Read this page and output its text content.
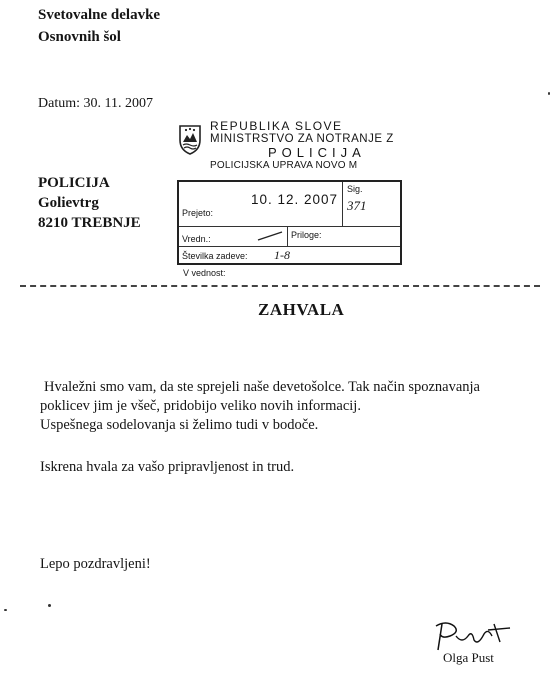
Svetovalne delavke
Osnovnih šol
Datum: 30. 11. 2007
REPUBLIKA SLOVE
MINISTRSTVO ZA NOTRANJE Z
POLICIJA
POLICIJSKA UPRAVA NOVO M
POLICIJA
Golievtrg
8210 TREBNJE
Prejeto:
10. 12. 2007
Sig.
371
Vredn.:	Priloge:
Številka zadeve: 1-8
V vednost:
ZAHVALA

Hvaležni smo vam, da ste sprejeli naše devetošolce. Tak način spoznavanja

poklicev jim je všeč, pridobijo veliko novih informacij.

Uspešnega sodelovanja si želimo tudi v bodoče.

Iskrena hvala za vašo pripravljenost in trud.
Lepo pozdravljeni!
Olga Pust
